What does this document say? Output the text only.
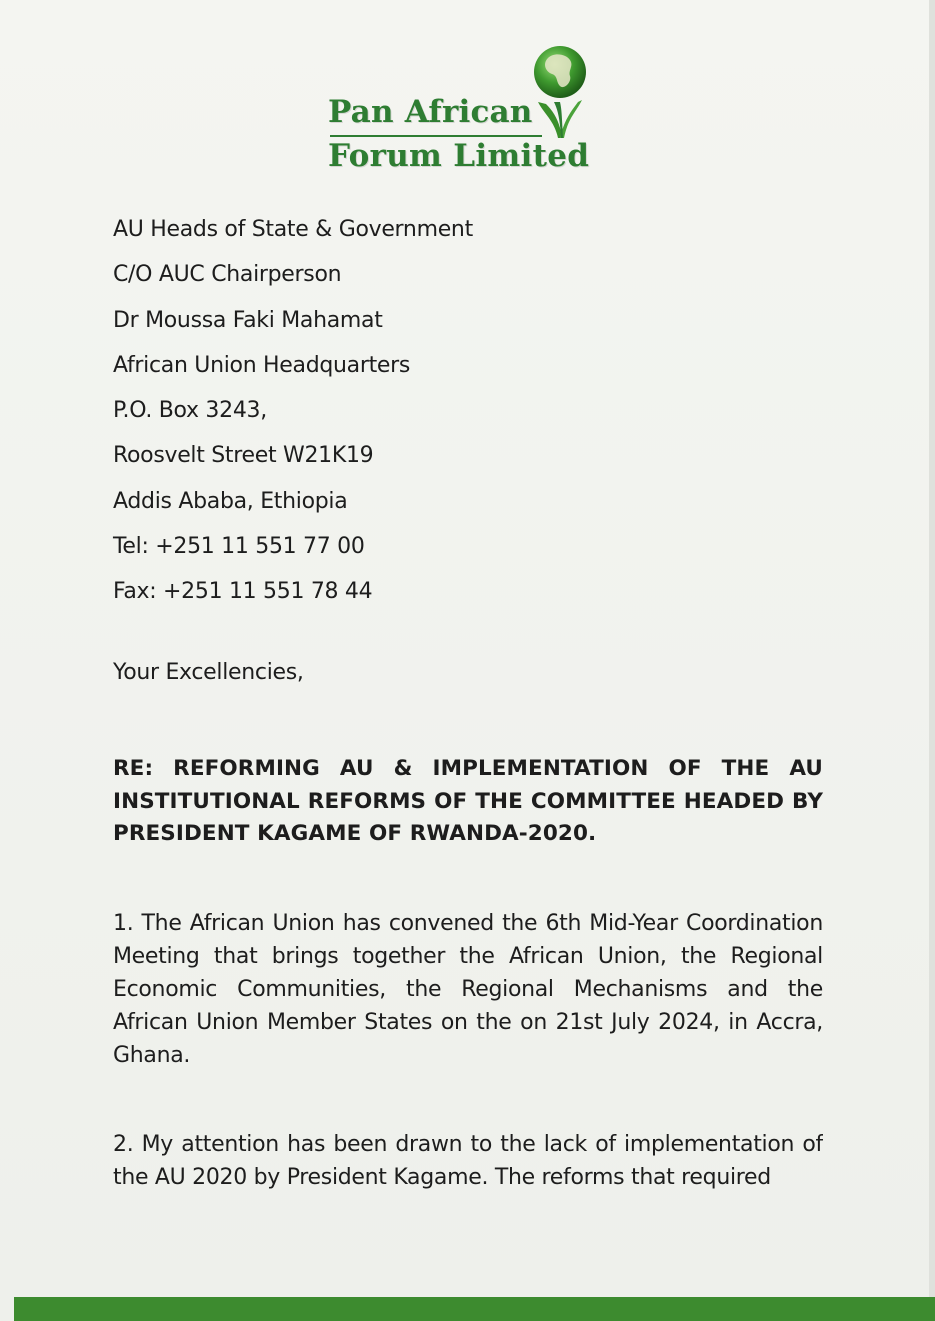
Pan African
Forum Limited
AU Heads of State & Government
C/O AUC Chairperson
Dr Moussa Faki Mahamat
African Union Headquarters
P.O. Box 3243,
Roosvelt Street W21K19
Addis Ababa, Ethiopia
Tel: +251 11 551 77 00
Fax: +251 11 551 78 44
Your Excellencies,
RE: REFORMING AU & IMPLEMENTATION OF THE AU INSTITUTIONAL REFORMS OF THE COMMITTEE HEADED BY PRESIDENT KAGAME OF RWANDA-2020.
1. The African Union has convened the 6th Mid-Year Coordination Meeting that brings together the African Union, the Regional Economic Communities, the Regional Mechanisms and the African Union Member States on the on 21st July 2024, in Accra, Ghana.
2. My attention has been drawn to the lack of implementation of the AU 2020 by President Kagame. The reforms that required
